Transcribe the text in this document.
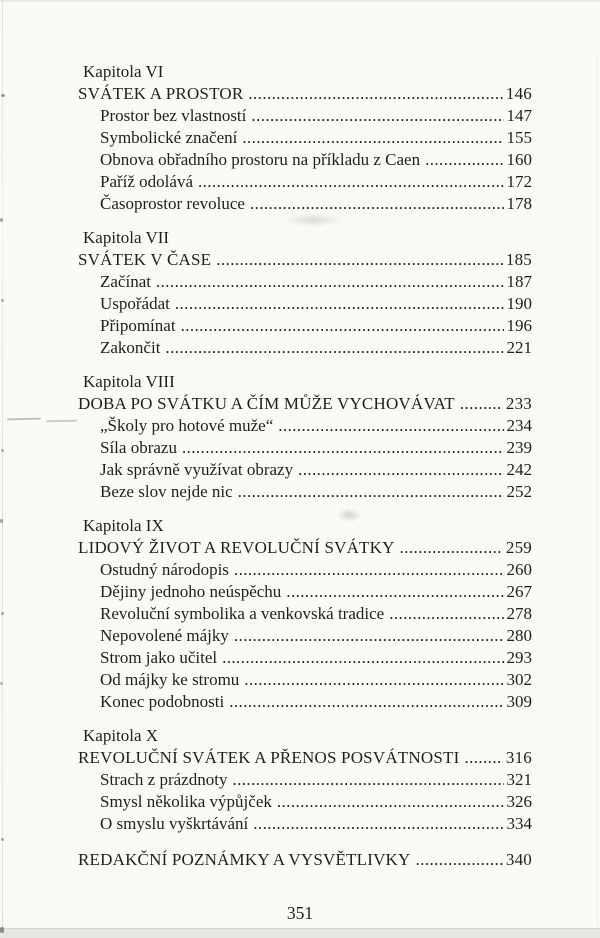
Kapitola VI
SVÁTEK A PROSTOR .....	146
Prostor bez vlastností .....	147
Symbolické značení .....	155
Obnova obřadního prostoru na příkladu z Caen .....	160
Paříž odolává .....	172
Časoprostor revoluce .....	178
Kapitola VII
SVÁTEK V ČASE .....	185
Začínat .....	187
Uspořádat .....	190
Připomínat .....	196
Zakončit .....	221
Kapitola VIII
DOBA PO SVÁTKU A ČÍM MŮŽE VYCHOVÁVAT .....	233
„Školy pro hotové muže“ .....	234
Síla obrazu .....	239
Jak správně využívat obrazy .....	242
Beze slov nejde nic .....	252
Kapitola IX
LIDOVÝ ŽIVOT A REVOLUČNÍ SVÁTKY .....	259
Ostudný národopis .....	260
Dějiny jednoho neúspěchu .....	267
Revoluční symbolika a venkovská tradice .....	278
Nepovolené májky .....	280
Strom jako učitel .....	293
Od májky ke stromu .....	302
Konec podobnosti .....	309
Kapitola X
REVOLUČNÍ SVÁTEK A PŘENOS POSVÁTNOSTI .....	316
Strach z prázdnoty .....	321
Smysl několika výpůjček .....	326
O smyslu vyškrtávání .....	334
REDAKČNÍ POZNÁMKY A VYSVĚTLIVKY .....	340
351
